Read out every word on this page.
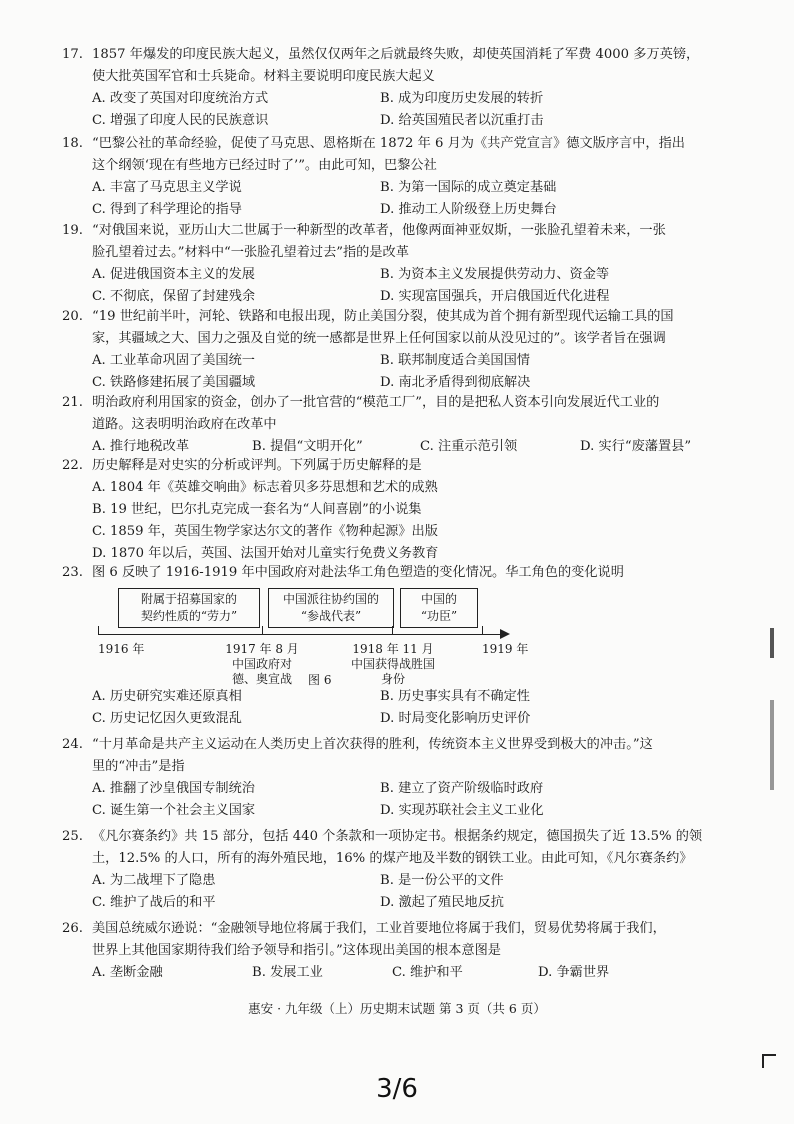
17. 1857 年爆发的印度民族大起义，虽然仅仅两年之后就最终失败，却使英国消耗了军费 4000 多万英镑，
使大批英国军官和士兵毙命。材料主要说明印度民族大起义
A. 改变了英国对印度统治方式	B. 成为印度历史发展的转折
C. 增强了印度人民的民族意识	D. 给英国殖民者以沉重打击
18. “巴黎公社的革命经验，促使了马克思、恩格斯在 1872 年 6 月为《共产党宣言》德文版序言中，指出
这个纲领‘现在有些地方已经过时了’”。由此可知，巴黎公社
A. 丰富了马克思主义学说	B. 为第一国际的成立奠定基础
C. 得到了科学理论的指导	D. 推动工人阶级登上历史舞台
19. “对俄国来说，亚历山大二世属于一种新型的改革者，他像两面神亚奴斯，一张脸孔望着未来，一张
脸孔望着过去。”材料中“一张脸孔望着过去”指的是改革
A. 促进俄国资本主义的发展	B. 为资本主义发展提供劳动力、资金等
C. 不彻底，保留了封建残余	D. 实现富国强兵，开启俄国近代化进程
20. “19 世纪前半叶，河轮、铁路和电报出现，防止美国分裂，使其成为首个拥有新型现代运输工具的国
家，其疆域之大、国力之强及自觉的统一感都是世界上任何国家以前从没见过的”。该学者旨在强调
A. 工业革命巩固了美国统一	B. 联邦制度适合美国国情
C. 铁路修建拓展了美国疆域	D. 南北矛盾得到彻底解决
21. 明治政府利用国家的资金，创办了一批官营的“模范工厂”，目的是把私人资本引向发展近代工业的
道路。这表明明治政府在改革中
A. 推行地税改革	B. 提倡“文明开化”	C. 注重示范引领	D. 实行“废藩置县”
22. 历史解释是对史实的分析或评判。下列属于历史解释的是
A. 1804 年《英雄交响曲》标志着贝多芬思想和艺术的成熟
B. 19 世纪，巴尔扎克完成一套名为“人间喜剧”的小说集
C. 1859 年，英国生物学家达尔文的著作《物种起源》出版
D. 1870 年以后，英国、法国开始对儿童实行免费义务教育
23. 图 6 反映了 1916-1919 年中国政府对赴法华工角色塑造的变化情况。华工角色的变化说明
附属于招募国家的
契约性质的“劳力”
中国派往协约国的
“参战代表”
中国的
“功臣”
1916 年	1917 年 8 月
中国政府对
德、奥宣战	图 6
1918 年 11 月
中国获得战胜国
身份
1919 年
A. 历史研究实难还原真相	B. 历史事实具有不确定性
C. 历史记忆因久更致混乱	D. 时局变化影响历史评价
24. “十月革命是共产主义运动在人类历史上首次获得的胜利，传统资本主义世界受到极大的冲击。”这
里的“冲击”是指
A. 推翻了沙皇俄国专制统治	B. 建立了资产阶级临时政府
C. 诞生第一个社会主义国家	D. 实现苏联社会主义工业化
25. 《凡尔赛条约》共 15 部分，包括 440 个条款和一项协定书。根据条约规定，德国损失了近 13.5% 的领
土，12.5% 的人口，所有的海外殖民地，16% 的煤产地及半数的钢铁工业。由此可知，《凡尔赛条约》
A. 为二战埋下了隐患	B. 是一份公平的文件
C. 维护了战后的和平	D. 激起了殖民地反抗
26. 美国总统威尔逊说：“金融领导地位将属于我们，工业首要地位将属于我们，贸易优势将属于我们，
世界上其他国家期待我们给予领导和指引。”这体现出美国的根本意图是
A. 垄断金融	B. 发展工业	C. 维护和平	D. 争霸世界
惠安 · 九年级（上）历史期末试题 第 3 页（共 6 页）
3/6
